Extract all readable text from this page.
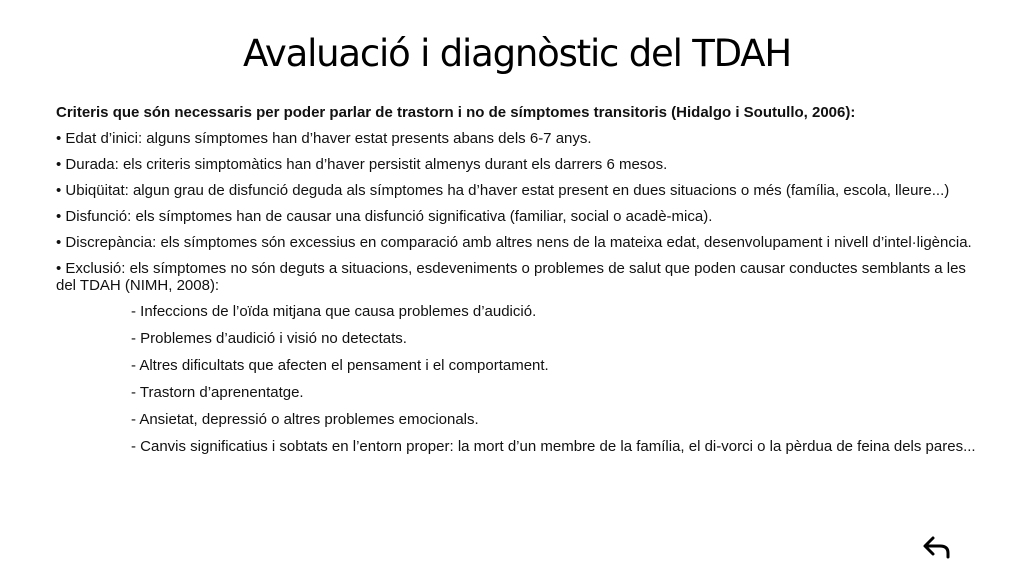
Avaluació i diagnòstic del TDAH
Criteris que són necessaris per poder parlar de trastorn i no de símptomes transitoris (Hidalgo i Soutullo, 2006):
• Edat d’inici: alguns símptomes han d’haver estat presents abans dels 6-7 anys.
• Durada: els criteris simptomàtics han d’haver persistit almenys durant els darrers 6 mesos.
• Ubiqüitat: algun grau de disfunció deguda als símptomes ha d’haver estat present en dues situacions o més (família, escola, lleure...)
• Disfunció: els símptomes han de causar una disfunció significativa (familiar, social o acadè-mica).
• Discrepància: els símptomes són excessius en comparació amb altres nens de la mateixa edat, desenvolupament i nivell d’intel·ligència.
• Exclusió: els símptomes no són deguts a situacions, esdeveniments o problemes de salut que poden causar conductes semblants a les del TDAH (NIMH, 2008):
- Infeccions de l’oïda mitjana que causa problemes d’audició.
- Problemes d’audició i visió no detectats.
- Altres dificultats que afecten el pensament i el comportament.
- Trastorn d’aprenentatge.
- Ansietat, depressió o altres problemes emocionals.
- Canvis significatius i sobtats en l’entorn proper: la mort d’un membre de la família, el di-vorci o la pèrdua de feina dels pares...
